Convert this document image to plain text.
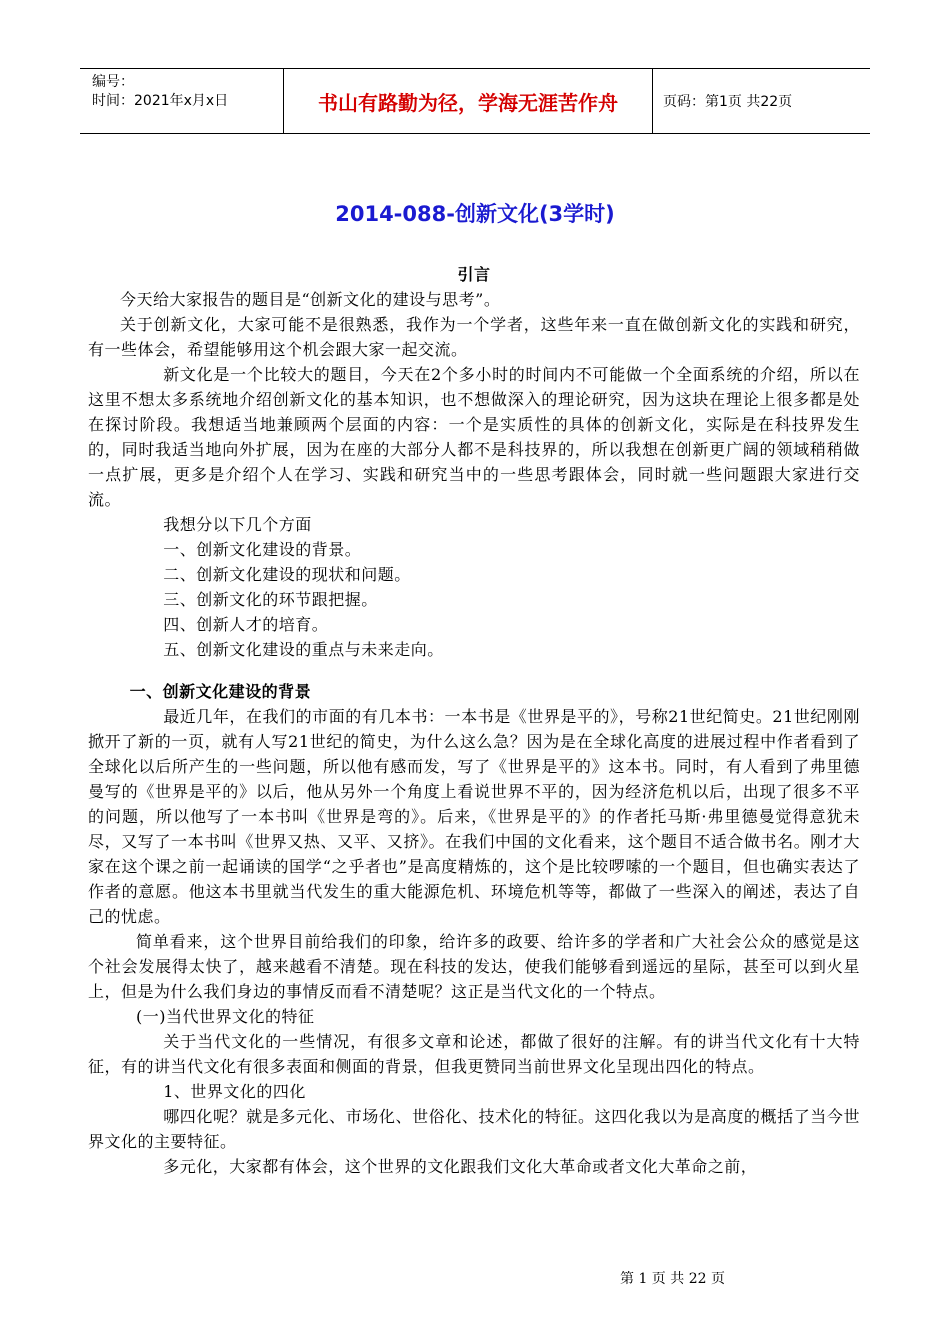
编号：
时间：2021年x月x日	书山有路勤为径，学海无涯苦作舟	页码：第1页 共22页
2014-088-创新文化(3学时)

引言

今天给大家报告的题目是“创新文化的建设与思考”。

关于创新文化，大家可能不是很熟悉，我作为一个学者，这些年来一直在做创新文化的实践和研究，有一些体会，希望能够用这个机会跟大家一起交流。

新文化是一个比较大的题目，今天在2个多小时的时间内不可能做一个全面系统的介绍，所以在这里不想太多系统地介绍创新文化的基本知识，也不想做深入的理论研究，因为这块在理论上很多都是处在探讨阶段。我想适当地兼顾两个层面的内容：一个是实质性的具体的创新文化，实际是在科技界发生的，同时我适当地向外扩展，因为在座的大部分人都不是科技界的，所以我想在创新更广阔的领域稍稍做一点扩展，更多是介绍个人在学习、实践和研究当中的一些思考跟体会，同时就一些问题跟大家进行交流。

我想分以下几个方面

一、创新文化建设的背景。

二、创新文化建设的现状和问题。

三、创新文化的环节跟把握。

四、创新人才的培育。

五、创新文化建设的重点与未来走向。

一、创新文化建设的背景

最近几年，在我们的市面的有几本书：一本书是《世界是平的》，号称21世纪简史。21世纪刚刚掀开了新的一页，就有人写21世纪的简史，为什么这么急？因为是在全球化高度的进展过程中作者看到了全球化以后所产生的一些问题，所以他有感而发，写了《世界是平的》这本书。同时，有人看到了弗里德曼写的《世界是平的》以后，他从另外一个角度上看说世界不平的，因为经济危机以后，出现了很多不平的问题，所以他写了一本书叫《世界是弯的》。后来，《世界是平的》的作者托马斯·弗里德曼觉得意犹未尽，又写了一本书叫《世界又热、又平、又挤》。在我们中国的文化看来，这个题目不适合做书名。刚才大家在这个课之前一起诵读的国学“之乎者也”是高度精炼的，这个是比较啰嗦的一个题目，但也确实表达了作者的意愿。他这本书里就当代发生的重大能源危机、环境危机等等，都做了一些深入的阐述，表达了自己的忧虑。

简单看来，这个世界目前给我们的印象，给许多的政要、给许多的学者和广大社会公众的感觉是这个社会发展得太快了，越来越看不清楚。现在科技的发达，使我们能够看到遥远的星际，甚至可以到火星上，但是为什么我们身边的事情反而看不清楚呢？这正是当代文化的一个特点。

(一)当代世界文化的特征

关于当代文化的一些情况，有很多文章和论述，都做了很好的注解。有的讲当代文化有十大特征，有的讲当代文化有很多表面和侧面的背景，但我更赞同当前世界文化呈现出四化的特点。

1、世界文化的四化

哪四化呢？就是多元化、市场化、世俗化、技术化的特征。这四化我以为是高度的概括了当今世界文化的主要特征。

多元化，大家都有体会，这个世界的文化跟我们文化大革命或者文化大革命之前，

第 1 页 共 22 页
